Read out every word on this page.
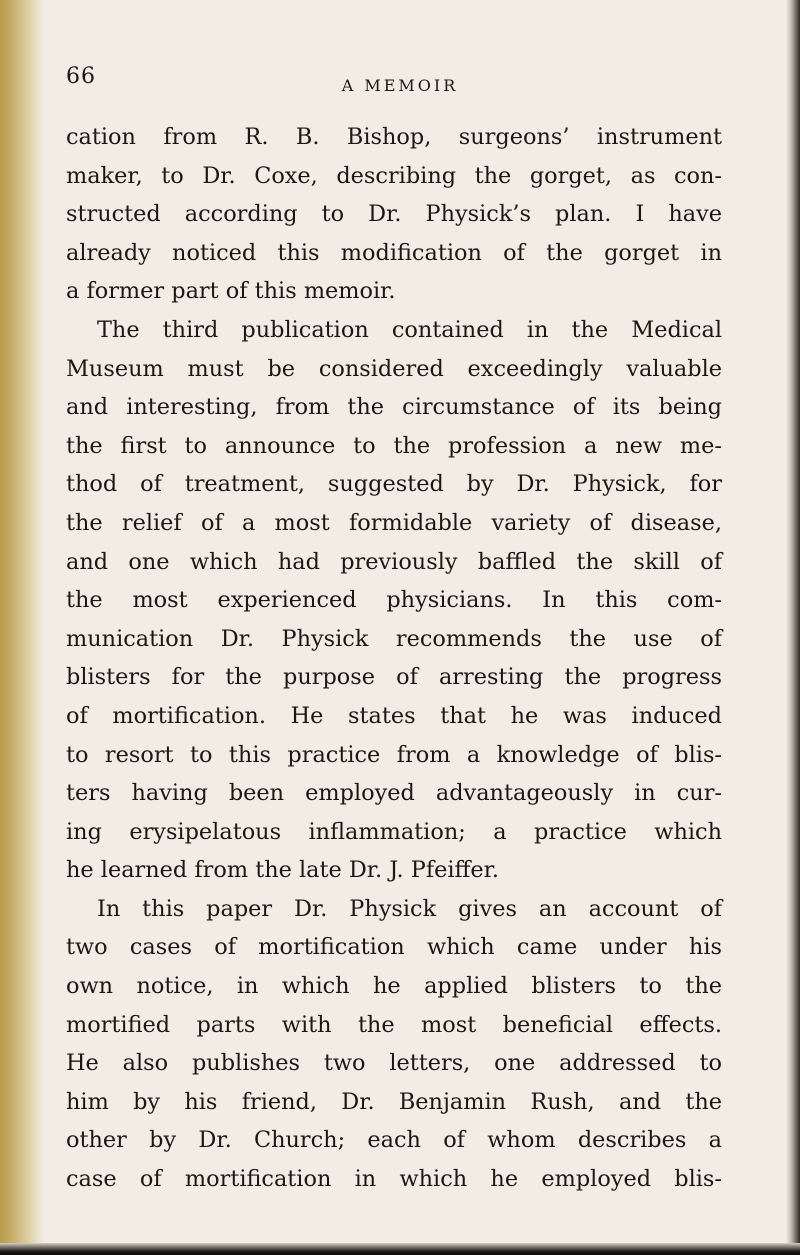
66	A MEMOIR
cation from R. B. Bishop, surgeons’ instrument
maker, to Dr. Coxe, describing the gorget, as con-
structed according to Dr. Physick’s plan. I have
already noticed this modification of the gorget in
a former part of this memoir.
The third publication contained in the Medical
Museum must be considered exceedingly valuable
and interesting, from the circumstance of its being
the first to announce to the profession a new me-
thod of treatment, suggested by Dr. Physick, for
the relief of a most formidable variety of disease,
and one which had previously baffled the skill of
the most experienced physicians. In this com-
munication Dr. Physick recommends the use of
blisters for the purpose of arresting the progress
of mortification. He states that he was induced
to resort to this practice from a knowledge of blis-
ters having been employed advantageously in cur-
ing erysipelatous inflammation; a practice which
he learned from the late Dr. J. Pfeiffer.
In this paper Dr. Physick gives an account of
two cases of mortification which came under his
own notice, in which he applied blisters to the
mortified parts with the most beneficial effects.
He also publishes two letters, one addressed to
him by his friend, Dr. Benjamin Rush, and the
other by Dr. Church; each of whom describes a
case of mortification in which he employed blis-
